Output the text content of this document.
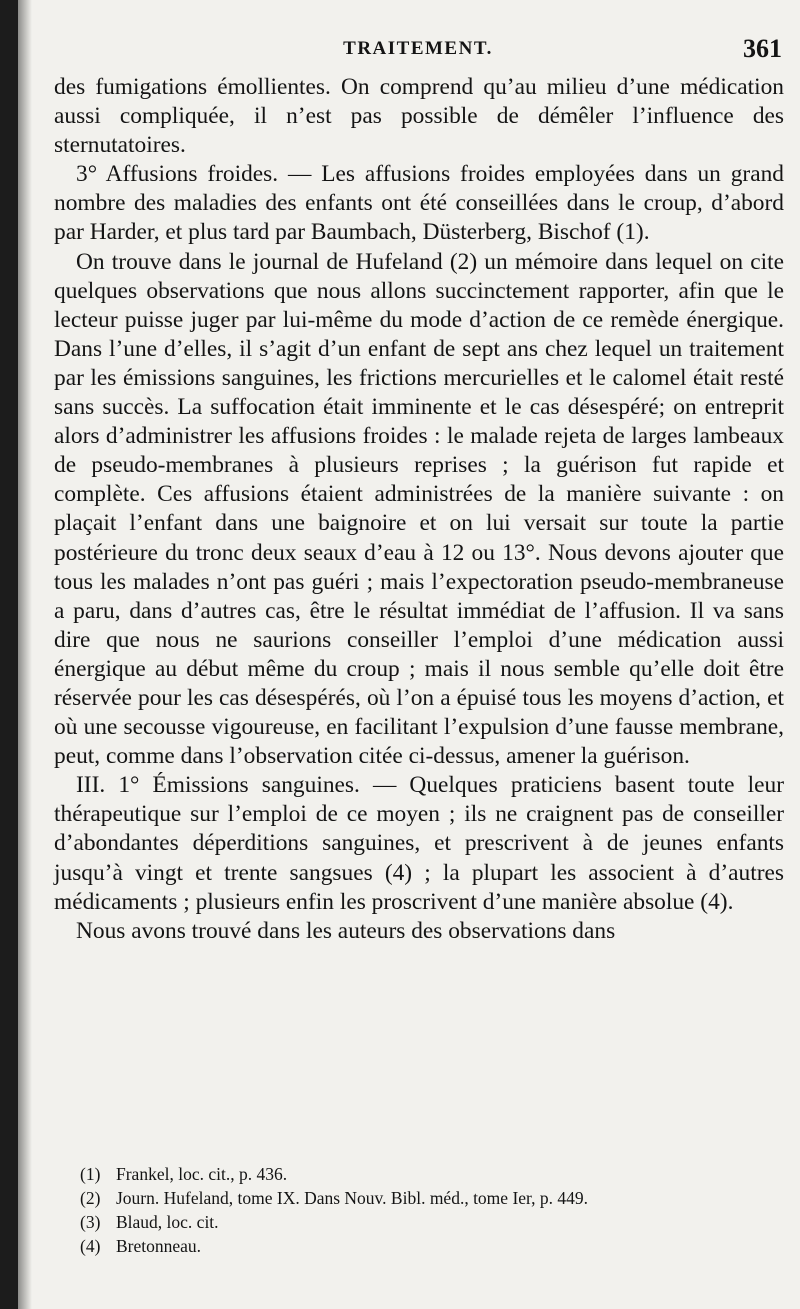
TRAITEMENT.	361

des fumigations émollientes. On comprend qu’au milieu d’une médication aussi compliquée, il n’est pas possible de démêler l’influence des sternutatoires.

3° Affusions froides. — Les affusions froides employées dans un grand nombre des maladies des enfants ont été conseillées dans le croup, d’abord par Harder, et plus tard par Baumbach, Düsterberg, Bischof (1).

On trouve dans le journal de Hufeland (2) un mémoire dans lequel on cite quelques observations que nous allons succinctement rapporter, afin que le lecteur puisse juger par lui-même du mode d’action de ce remède énergique. Dans l’une d’elles, il s’agit d’un enfant de sept ans chez lequel un traitement par les émissions sanguines, les frictions mercurielles et le calomel était resté sans succès. La suffocation était imminente et le cas désespéré; on entreprit alors d’administrer les affusions froides : le malade rejeta de larges lambeaux de pseudo-membranes à plusieurs reprises ; la guérison fut rapide et complète. Ces affusions étaient administrées de la manière suivante : on plaçait l’enfant dans une baignoire et on lui versait sur toute la partie postérieure du tronc deux seaux d’eau à 12 ou 13°. Nous devons ajouter que tous les malades n’ont pas guéri ; mais l’expectoration pseudo-membraneuse a paru, dans d’autres cas, être le résultat immédiat de l’affusion. Il va sans dire que nous ne saurions conseiller l’emploi d’une médication aussi énergique au début même du croup ; mais il nous semble qu’elle doit être réservée pour les cas désespérés, où l’on a épuisé tous les moyens d’action, et où une secousse vigoureuse, en facilitant l’expulsion d’une fausse membrane, peut, comme dans l’observation citée ci-dessus, amener la guérison.

III. 1° Émissions sanguines. — Quelques praticiens basent toute leur thérapeutique sur l’emploi de ce moyen ; ils ne craignent pas de conseiller d’abondantes déperditions sanguines, et prescrivent à de jeunes enfants jusqu’à vingt et trente sangsues (4) ; la plupart les associent à d’autres médicaments ; plusieurs enfin les proscrivent d’une manière absolue (4).

Nous avons trouvé dans les auteurs des observations dans

(1) Frankel, loc. cit., p. 436.
(2) Journ. Hufeland, tome IX. Dans Nouv. Bibl. méd., tome Ier, p. 449.
(3) Blaud, loc. cit.
(4) Bretonneau.
